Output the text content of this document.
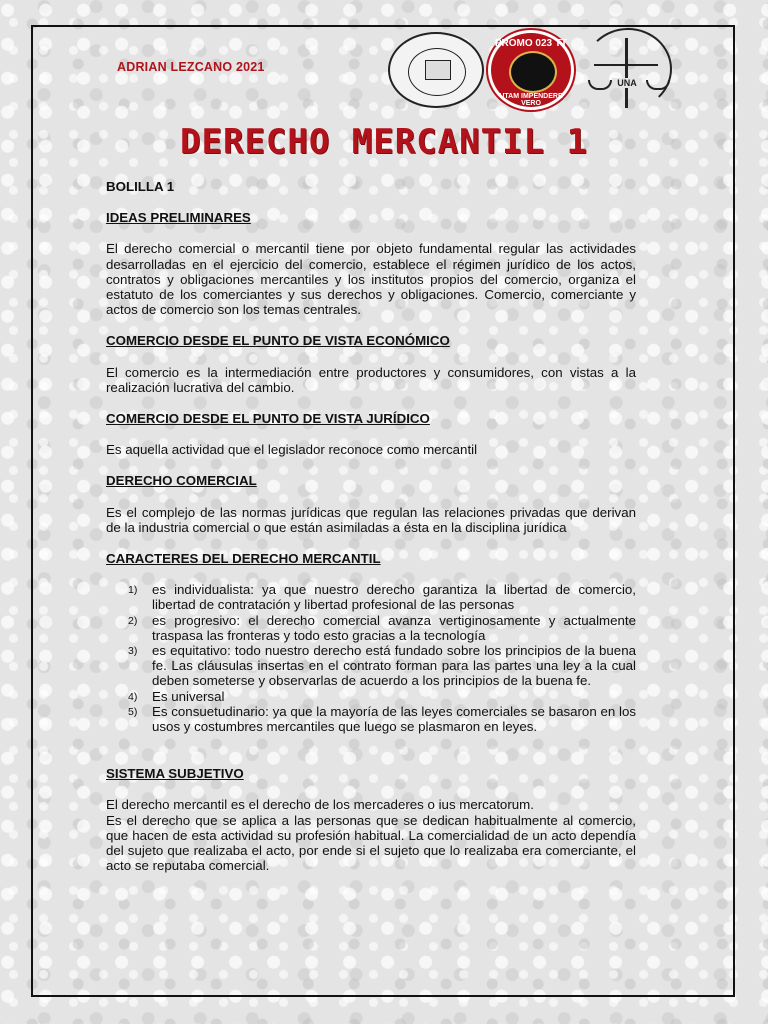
ADRIAN LEZCANO 2021
PROMO 023 TT
UTAM IMPENDERE VERO
UNA
DERECHO MERCANTIL 1

BOLILLA 1

IDEAS PRELIMINARES

El derecho comercial o mercantil tiene por objeto fundamental regular las actividades desarrolladas en el ejercicio del comercio, establece el régimen jurídico de los actos, contratos y obligaciones mercantiles y los institutos propios del comercio, organiza el estatuto de los comerciantes y sus derechos y obligaciones. Comercio, comerciante y actos de comercio son los temas centrales.

COMERCIO DESDE EL PUNTO DE VISTA ECONÓMICO

El comercio es la intermediación entre productores y consumidores, con vistas a la realización lucrativa del cambio.

COMERCIO DESDE EL PUNTO DE VISTA JURÍDICO

Es aquella actividad que el legislador reconoce como mercantil

DERECHO COMERCIAL

Es el complejo de las normas jurídicas que regulan las relaciones privadas que derivan de la industria comercial o que están asimiladas a ésta en la disciplina jurídica

CARACTERES DEL DERECHO MERCANTIL

1) es individualista: ya que nuestro derecho garantiza la libertad de comercio, libertad de contratación y libertad profesional de las personas
2) es progresivo: el derecho comercial avanza vertiginosamente y actualmente traspasa las fronteras y todo esto gracias a la tecnología
3) es equitativo: todo nuestro derecho está fundado sobre los principios de la buena fe. Las cláusulas insertas en el contrato forman para las partes una ley a la cual deben someterse y observarlas de acuerdo a los principios de la buena fe.
4) Es universal
5) Es consuetudinario: ya que la mayoría de las leyes comerciales se basaron en los usos y costumbres mercantiles que luego se plasmaron en leyes.

SISTEMA SUBJETIVO

El derecho mercantil es el derecho de los mercaderes o ius mercatorum.

Es el derecho que se aplica a las personas que se dedican habitualmente al comercio, que hacen de esta actividad su profesión habitual. La comercialidad de un acto dependía del sujeto que realizaba el acto, por ende si el sujeto que lo realizaba era comerciante, el acto se reputaba comercial.
